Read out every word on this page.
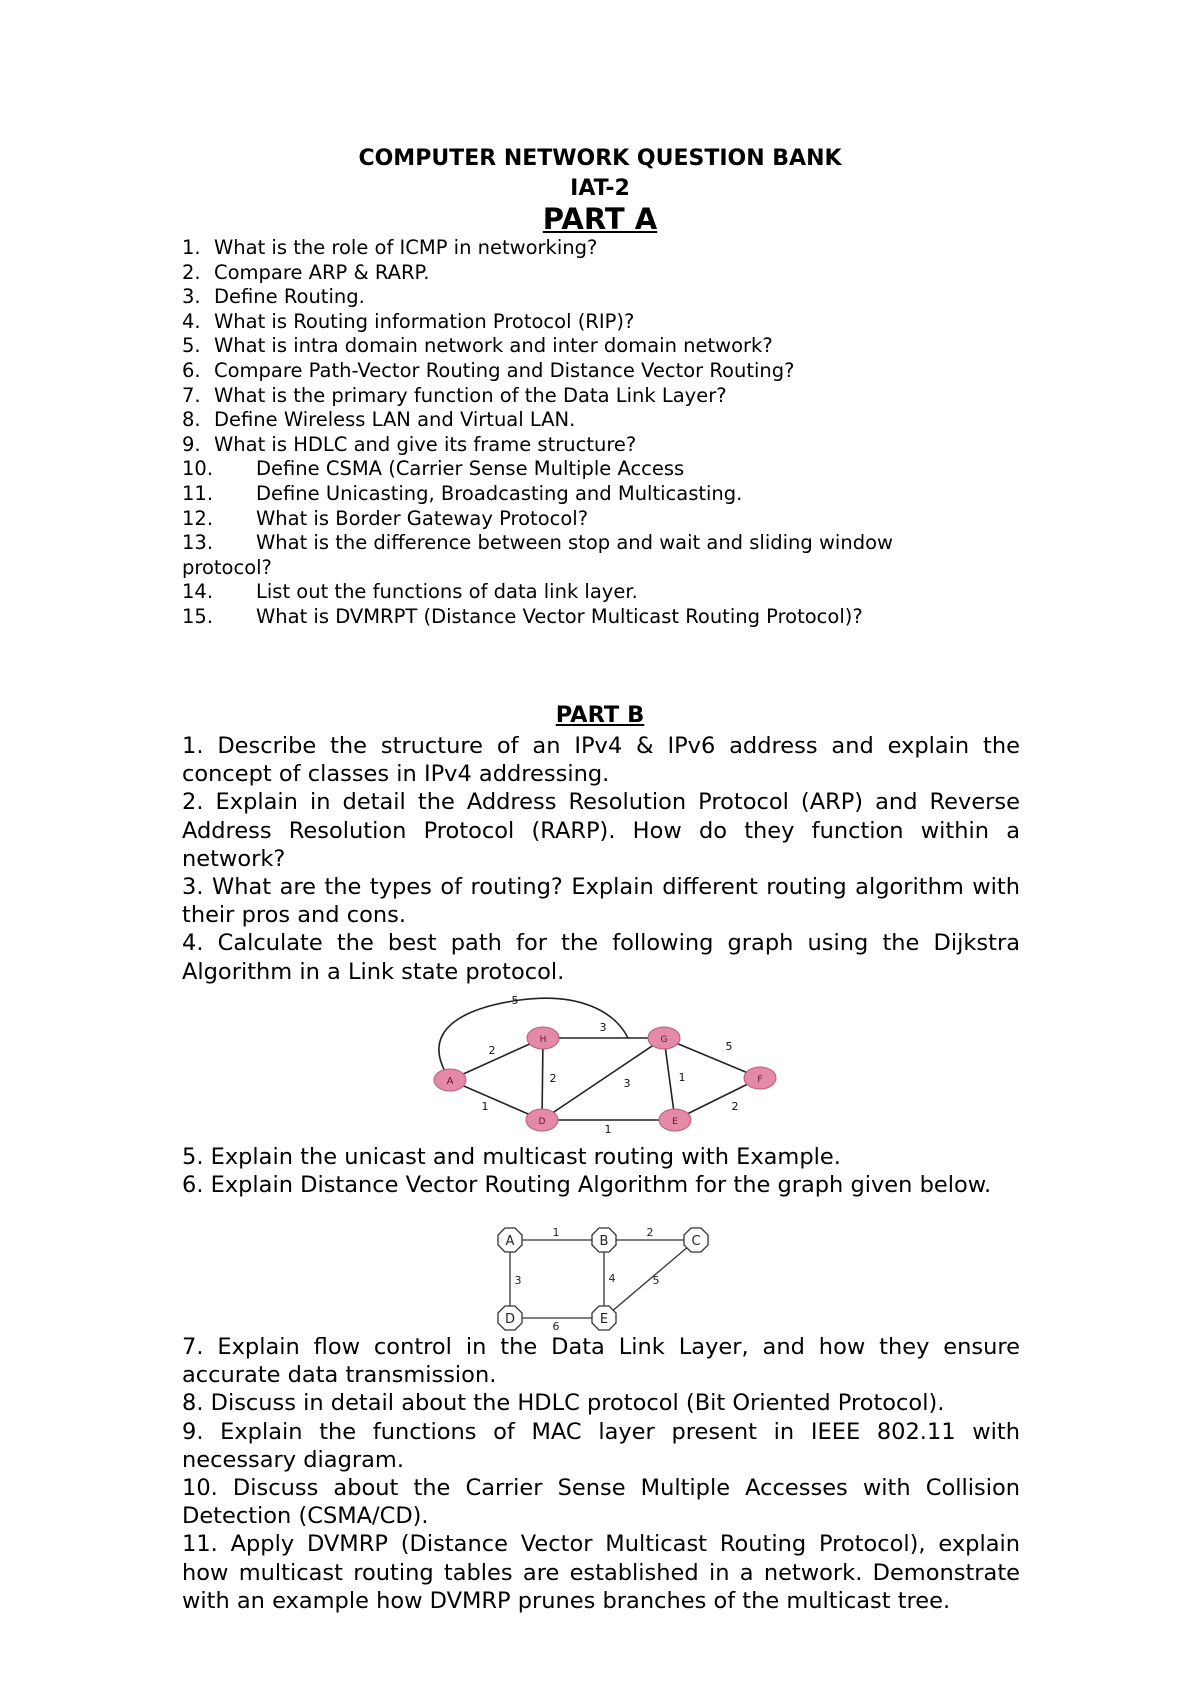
COMPUTER NETWORK QUESTION BANK
IAT-2
PART A
1. What is the role of ICMP in networking?
2. Compare ARP & RARP.
3. Define Routing.
4. What is Routing information Protocol (RIP)?
5. What is intra domain network and inter domain network?
6. Compare Path-Vector Routing and Distance Vector Routing?
7. What is the primary function of the Data Link Layer?
8. Define Wireless LAN and Virtual LAN.
9. What is HDLC and give its frame structure?
10. Define CSMA (Carrier Sense Multiple Access
11. Define Unicasting, Broadcasting and Multicasting.
12. What is Border Gateway Protocol?
13. What is the difference between stop and wait and sliding window protocol?
14. List out the functions of data link layer.
15. What is DVMRPT (Distance Vector Multicast Routing Protocol)?
PART B

1. Describe the structure of an IPv4 & IPv6 address and explain the concept of classes in IPv4 addressing.

2. Explain in detail the Address Resolution Protocol (ARP) and Reverse Address Resolution Protocol (RARP). How do they function within a network?

3. What are the types of routing? Explain different routing algorithm with their pros and cons.

4. Calculate the best path for the following graph using the Dijkstra Algorithm in a Link state protocol.

2
1
5
3
2	3
1
1
5
2
A
H	G
F
D	E

5. Explain the unicast and multicast routing with Example.

6. Explain Distance Vector Routing Algorithm for the graph given below.

1	2
3	4	5
6
A	B	C
D	E

7. Explain flow control in the Data Link Layer, and how they ensure accurate data transmission.

8. Discuss in detail about the HDLC protocol (Bit Oriented Protocol).

9. Explain the functions of MAC layer present in IEEE 802.11 with necessary diagram.

10. Discuss about the Carrier Sense Multiple Accesses with Collision Detection (CSMA/CD).

11. Apply DVMRP (Distance Vector Multicast Routing Protocol), explain how multicast routing tables are established in a network. Demonstrate with an example how DVMRP prunes branches of the multicast tree.
